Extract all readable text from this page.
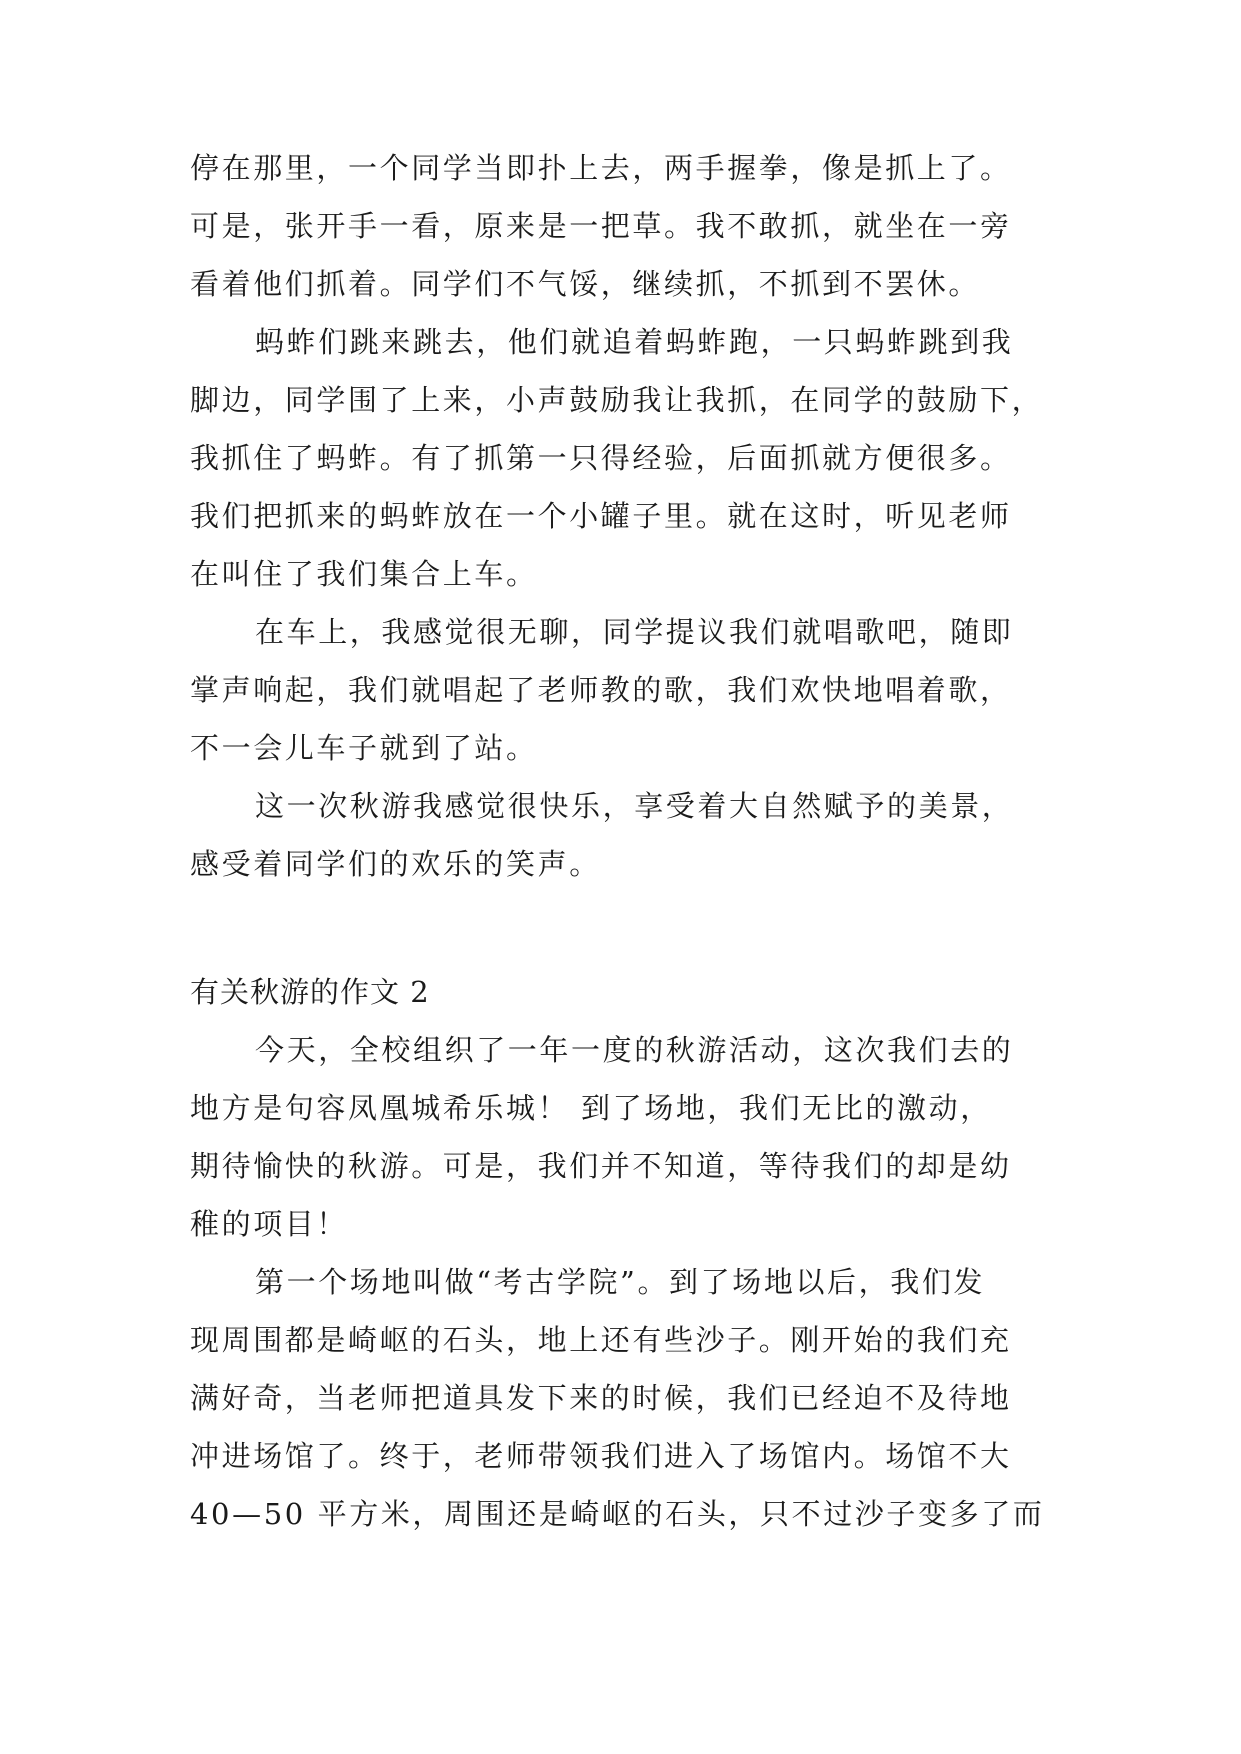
停在那里，一个同学当即扑上去，两手握拳，像是抓上了。
可是，张开手一看，原来是一把草。我不敢抓，就坐在一旁
看着他们抓着。同学们不气馁，继续抓，不抓到不罢休。
蚂蚱们跳来跳去，他们就追着蚂蚱跑，一只蚂蚱跳到我
脚边，同学围了上来，小声鼓励我让我抓，在同学的鼓励下，
我抓住了蚂蚱。有了抓第一只得经验，后面抓就方便很多。
我们把抓来的蚂蚱放在一个小罐子里。就在这时，听见老师
在叫住了我们集合上车。
在车上，我感觉很无聊，同学提议我们就唱歌吧，随即
掌声响起，我们就唱起了老师教的歌，我们欢快地唱着歌，
不一会儿车子就到了站。
这一次秋游我感觉很快乐，享受着大自然赋予的美景，
感受着同学们的欢乐的笑声。
有关秋游的作文 2
今天，全校组织了一年一度的秋游活动，这次我们去的
地方是句容凤凰城希乐城！ 到了场地，我们无比的激动，
期待愉快的秋游。可是，我们并不知道，等待我们的却是幼
稚的项目！
第一个场地叫做“考古学院”。到了场地以后，我们发
现周围都是崎岖的石头，地上还有些沙子。刚开始的我们充
满好奇，当老师把道具发下来的时候，我们已经迫不及待地
冲进场馆了。终于，老师带领我们进入了场馆内。场馆不大
40—50 平方米，周围还是崎岖的石头，只不过沙子变多了而
